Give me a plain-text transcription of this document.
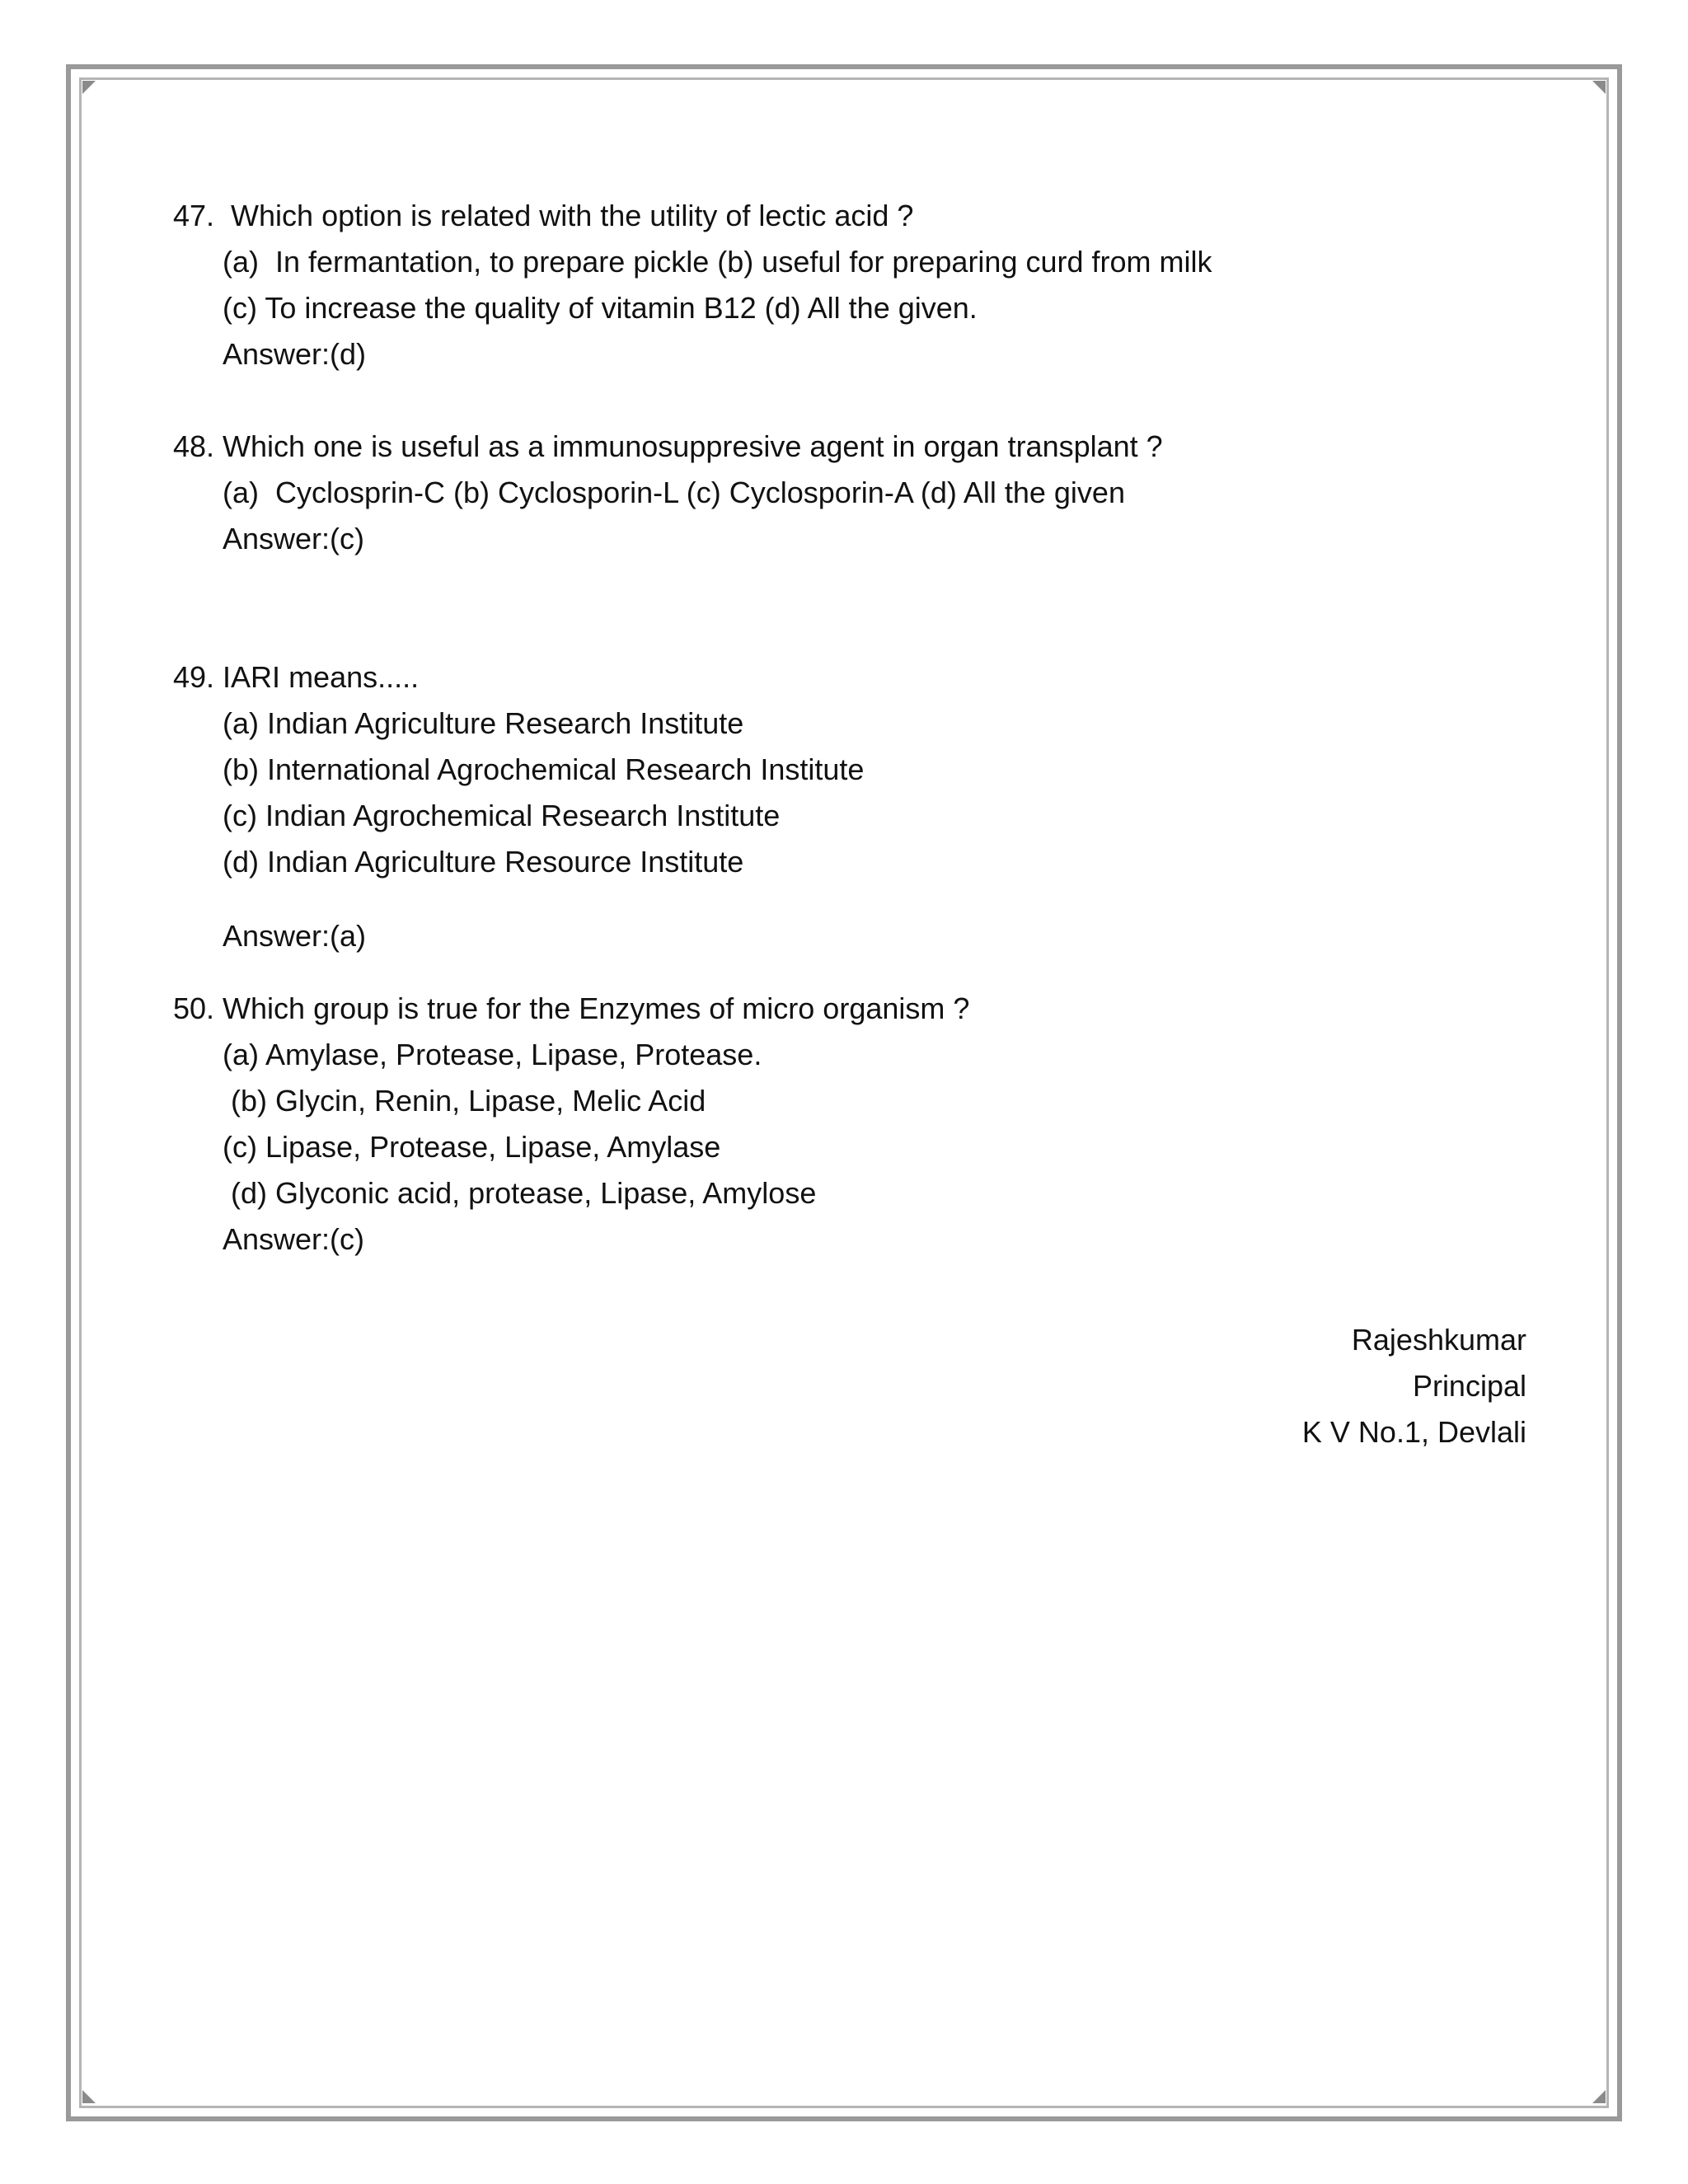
47.  Which option is related with the utility of lectic acid ?
(a)  In fermantation, to prepare pickle (b) useful for preparing curd from milk
(c) To increase the quality of vitamin B12 (d) All the given.
Answer:(d)
48. Which one is useful as a immunosuppresive agent in organ transplant ?
(a)  Cyclosprin-C (b) Cyclosporin-L (c) Cyclosporin-A (d) All the given
Answer:(c)
49. IARI means.....
(a) Indian Agriculture Research Institute
(b) International Agrochemical Research Institute
(c) Indian Agrochemical Research Institute
(d) Indian Agriculture Resource Institute
Answer:(a)
50. Which group is true for the Enzymes of micro organism ?
(a) Amylase, Protease, Lipase, Protease.
(b) Glycin, Renin, Lipase, Melic Acid
(c) Lipase, Protease, Lipase, Amylase
(d) Glyconic acid, protease, Lipase, Amylose
Answer:(c)
Rajeshkumar
Principal
K V No.1, Devlali
